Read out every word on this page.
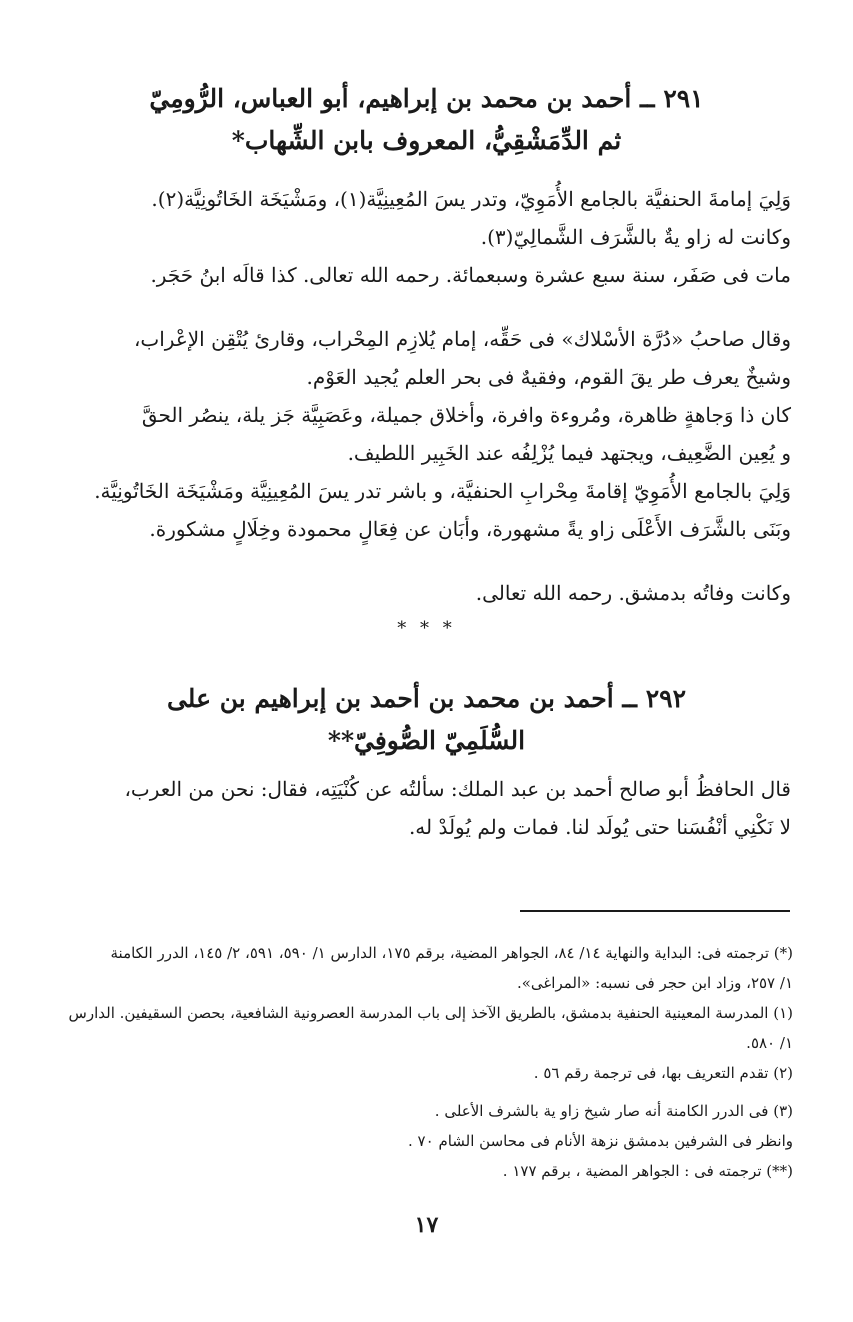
٢٩١ ــ أحمد بن محمد بن إبراهيم، أبو العباس، الرُّومِيّ
ثم الدِّمَشْقِيُّ، المعروف بابن الشِّهاب*
وَلِيَ إمامةَ الحنفيَّة بالجامع الأُمَوِيّ، وتدر يسَ المُعِينِيَّة(١)، ومَشْيَخَة الخَاتُونِيَّة(٢).
وكانت له زاو يةٌ بالشَّرَف الشَّمالِيّ(٣).
مات فى صَفَر، سنة سبع عشرة وسبعمائة. رحمه الله تعالى. كذا قالَه ابنُ حَجَر.
وقال صاحبُ «دُرَّة الأسْلاك» فى حَقِّه، إمام يُلازِم المِحْراب، وقارئ يُتْقِن الإعْراب،
وشيخٌ يعرف طر يقَ القوم، وفقيهٌ فى بحر العلم يُجيد العَوْم.
كان ذا وَجاهةٍ ظاهرة، ومُروءة وافرة، وأخلاق جميلة، وعَصَبِيَّة جَز يلة، ينصُر الحقَّ
و يُعِين الضَّعِيف، ويجتهد فيما يُزْلِفُه عند الخَبِير اللطيف.
وَلِيَ بالجامع الأُمَوِيّ إقامةَ مِحْرابِ الحنفيَّة، و باشر تدر يسَ المُعِينِيَّة ومَشْيَخَة الخَاتُونِيَّة.
وبَنَى بالشَّرَف الأَعْلَى زاو يةً مشهورة، وأبَان عن فِعَالٍ محمودة وخِلَالٍ مشكورة.
وكانت وفاتُه بدمشق. رحمه الله تعالى.
* * *
٢٩٢ ــ أحمد بن محمد بن أحمد بن إبراهيم بن على
السُّلَمِيّ الصُّوفِيّ**
قال الحافظُ أبو صالح أحمد بن عبد الملك: سألتُه عن كُنْيَتِه، فقال: نحن من العرب،
لا نَكْنِي أنْفُسَنا حتى يُولَد لنا. فمات ولم يُولَدْ له.
(*) ترجمته فى: البداية والنهاية ١٤/ ٨٤، الجواهر المضية، برقم ١٧٥، الدارس ١/ ٥٩٠، ٥٩١، ٢/ ١٤٥، الدرر الكامنة
١/ ٢٥٧، وزاد ابن حجر فى نسبه: «المراغى».
(١) المدرسة المعينية الحنفية بدمشق، بالطريق الآخذ إلى باب المدرسة العصرونية الشافعية، بحصن السقيفين. الدارس
١/ ٥٨٠.
(٢) تقدم التعريف بها، فى ترجمة رقم ٥٦ .
(٣) فى الدرر الكامنة أنه صار شيخ زاو ية بالشرف الأعلى .
وانظر فى الشرفين بدمشق نزهة الأنام فى محاسن الشام ٧٠ .
(**) ترجمته فى : الجواهر المضية ، برقم ١٧٧ .
١٧
